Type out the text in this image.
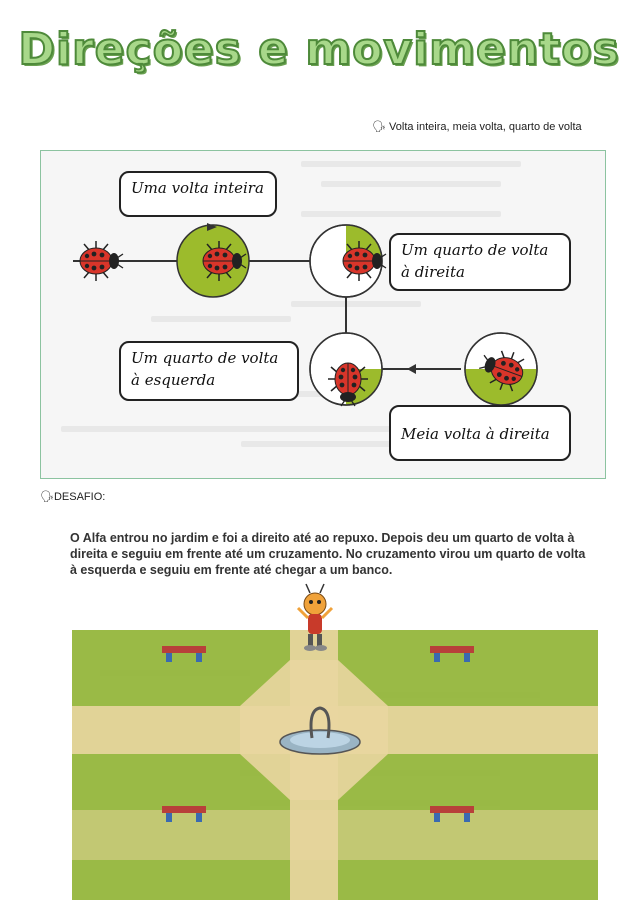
Direções e movimentos
🗣 Volta inteira, meia volta, quarto de volta
Uma volta inteira
Um quarto de volta à direita
Um quarto de volta à esquerda
Meia volta à direita
🗣DESAFIO:
O Alfa entrou no jardim e foi a direito até ao repuxo. Depois deu um quarto de volta à direita e seguiu em frente até um cruzamento. No cruzamento virou um quarto de volta à esquerda e seguiu em frente até chegar a um banco.
